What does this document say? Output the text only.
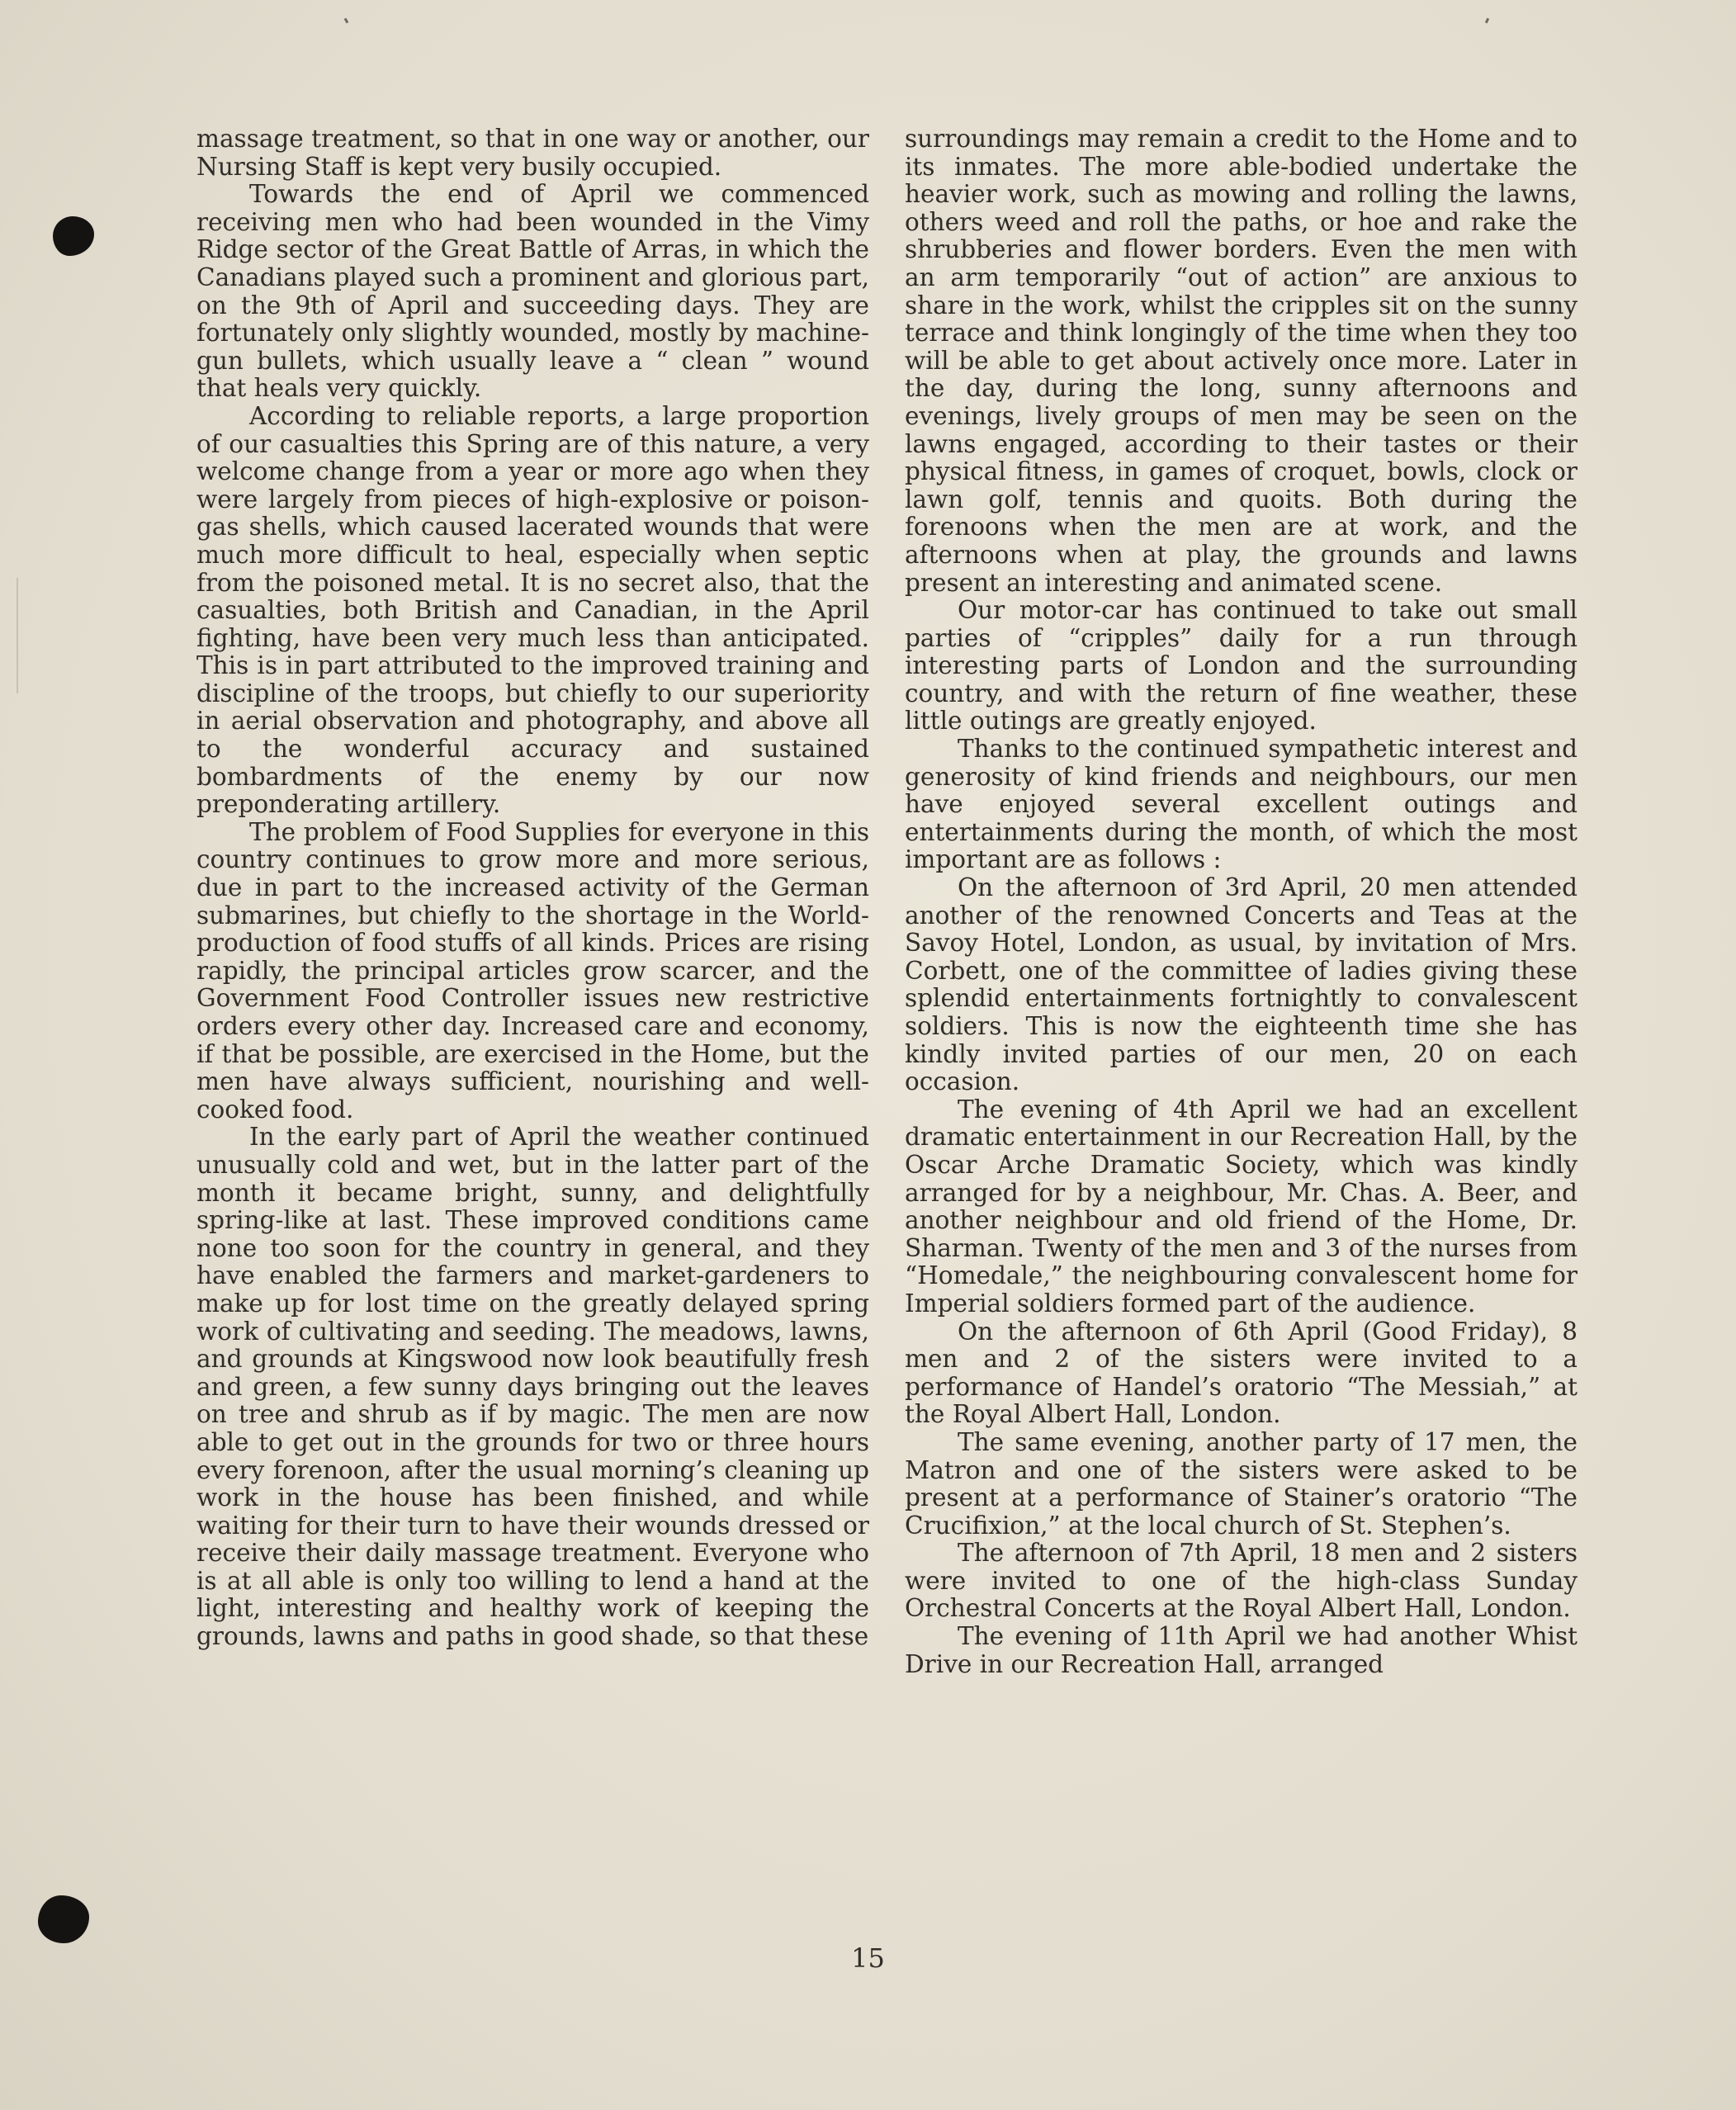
massage treatment, so that in one way or another, our Nursing Staff is kept very busily occupied.

Towards the end of April we commenced receiving men who had been wounded in the Vimy Ridge sector of the Great Battle of Arras, in which the Canadians played such a prominent and glorious part, on the 9th of April and succeeding days. They are fortunately only slightly wounded, mostly by machine-gun bullets, which usually leave a “ clean ” wound that heals very quickly.

According to reliable reports, a large proportion of our casualties this Spring are of this nature, a very welcome change from a year or more ago when they were largely from pieces of high-explosive or poison-gas shells, which caused lacerated wounds that were much more difficult to heal, especially when septic from the poisoned metal. It is no secret also, that the casualties, both British and Canadian, in the April fighting, have been very much less than anticipated. This is in part attributed to the improved training and discipline of the troops, but chiefly to our superiority in aerial observation and photography, and above all to the wonderful accuracy and sustained bombardments of the enemy by our now preponderating artillery.

The problem of Food Supplies for everyone in this country continues to grow more and more serious, due in part to the increased activity of the German submarines, but chiefly to the shortage in the World-production of food stuffs of all kinds. Prices are rising rapidly, the principal articles grow scarcer, and the Government Food Controller issues new restrictive orders every other day. Increased care and economy, if that be possible, are exercised in the Home, but the men have always sufficient, nourishing and well-cooked food.

In the early part of April the weather continued unusually cold and wet, but in the latter part of the month it became bright, sunny, and delightfully spring-like at last. These improved conditions came none too soon for the country in general, and they have enabled the farmers and market-gardeners to make up for lost time on the greatly delayed spring work of cultivating and seeding. The meadows, lawns, and grounds at Kingswood now look beautifully fresh and green, a few sunny days bringing out the leaves on tree and shrub as if by magic. The men are now able to get out in the grounds for two or three hours every forenoon, after the usual morning’s cleaning up work in the house has been finished, and while waiting for their turn to have their wounds dressed or receive their daily massage treatment. Everyone who is at all able is only too willing to lend a hand at the light, interesting and healthy work of keeping the grounds, lawns and paths in good shade, so that these

surroundings may remain a credit to the Home and to its inmates. The more able-bodied undertake the heavier work, such as mowing and rolling the lawns, others weed and roll the paths, or hoe and rake the shrubberies and flower borders. Even the men with an arm temporarily “out of action” are anxious to share in the work, whilst the cripples sit on the sunny terrace and think longingly of the time when they too will be able to get about actively once more. Later in the day, during the long, sunny afternoons and evenings, lively groups of men may be seen on the lawns engaged, according to their tastes or their physical fitness, in games of croquet, bowls, clock or lawn golf, tennis and quoits. Both during the forenoons when the men are at work, and the afternoons when at play, the grounds and lawns present an interesting and animated scene.

Our motor-car has continued to take out small parties of “cripples” daily for a run through interesting parts of London and the surrounding country, and with the return of fine weather, these little outings are greatly enjoyed.

Thanks to the continued sympathetic interest and generosity of kind friends and neighbours, our men have enjoyed several excellent outings and entertainments during the month, of which the most important are as follows :

On the afternoon of 3rd April, 20 men attended another of the renowned Concerts and Teas at the Savoy Hotel, London, as usual, by invitation of Mrs. Corbett, one of the committee of ladies giving these splendid entertainments fortnightly to convalescent soldiers. This is now the eighteenth time she has kindly invited parties of our men, 20 on each occasion.

The evening of 4th April we had an excellent dramatic entertainment in our Recreation Hall, by the Oscar Arche Dramatic Society, which was kindly arranged for by a neighbour, Mr. Chas. A. Beer, and another neighbour and old friend of the Home, Dr. Sharman. Twenty of the men and 3 of the nurses from “Homedale,” the neighbouring convalescent home for Imperial soldiers formed part of the audience.

On the afternoon of 6th April (Good Friday), 8 men and 2 of the sisters were invited to a performance of Handel’s oratorio “The Messiah,” at the Royal Albert Hall, London.

The same evening, another party of 17 men, the Matron and one of the sisters were asked to be present at a performance of Stainer’s oratorio “The Crucifixion,” at the local church of St. Stephen’s.

The afternoon of 7th April, 18 men and 2 sisters were invited to one of the high-class Sunday Orchestral Concerts at the Royal Albert Hall, London.

The evening of 11th April we had another Whist Drive in our Recreation Hall, arranged

15
